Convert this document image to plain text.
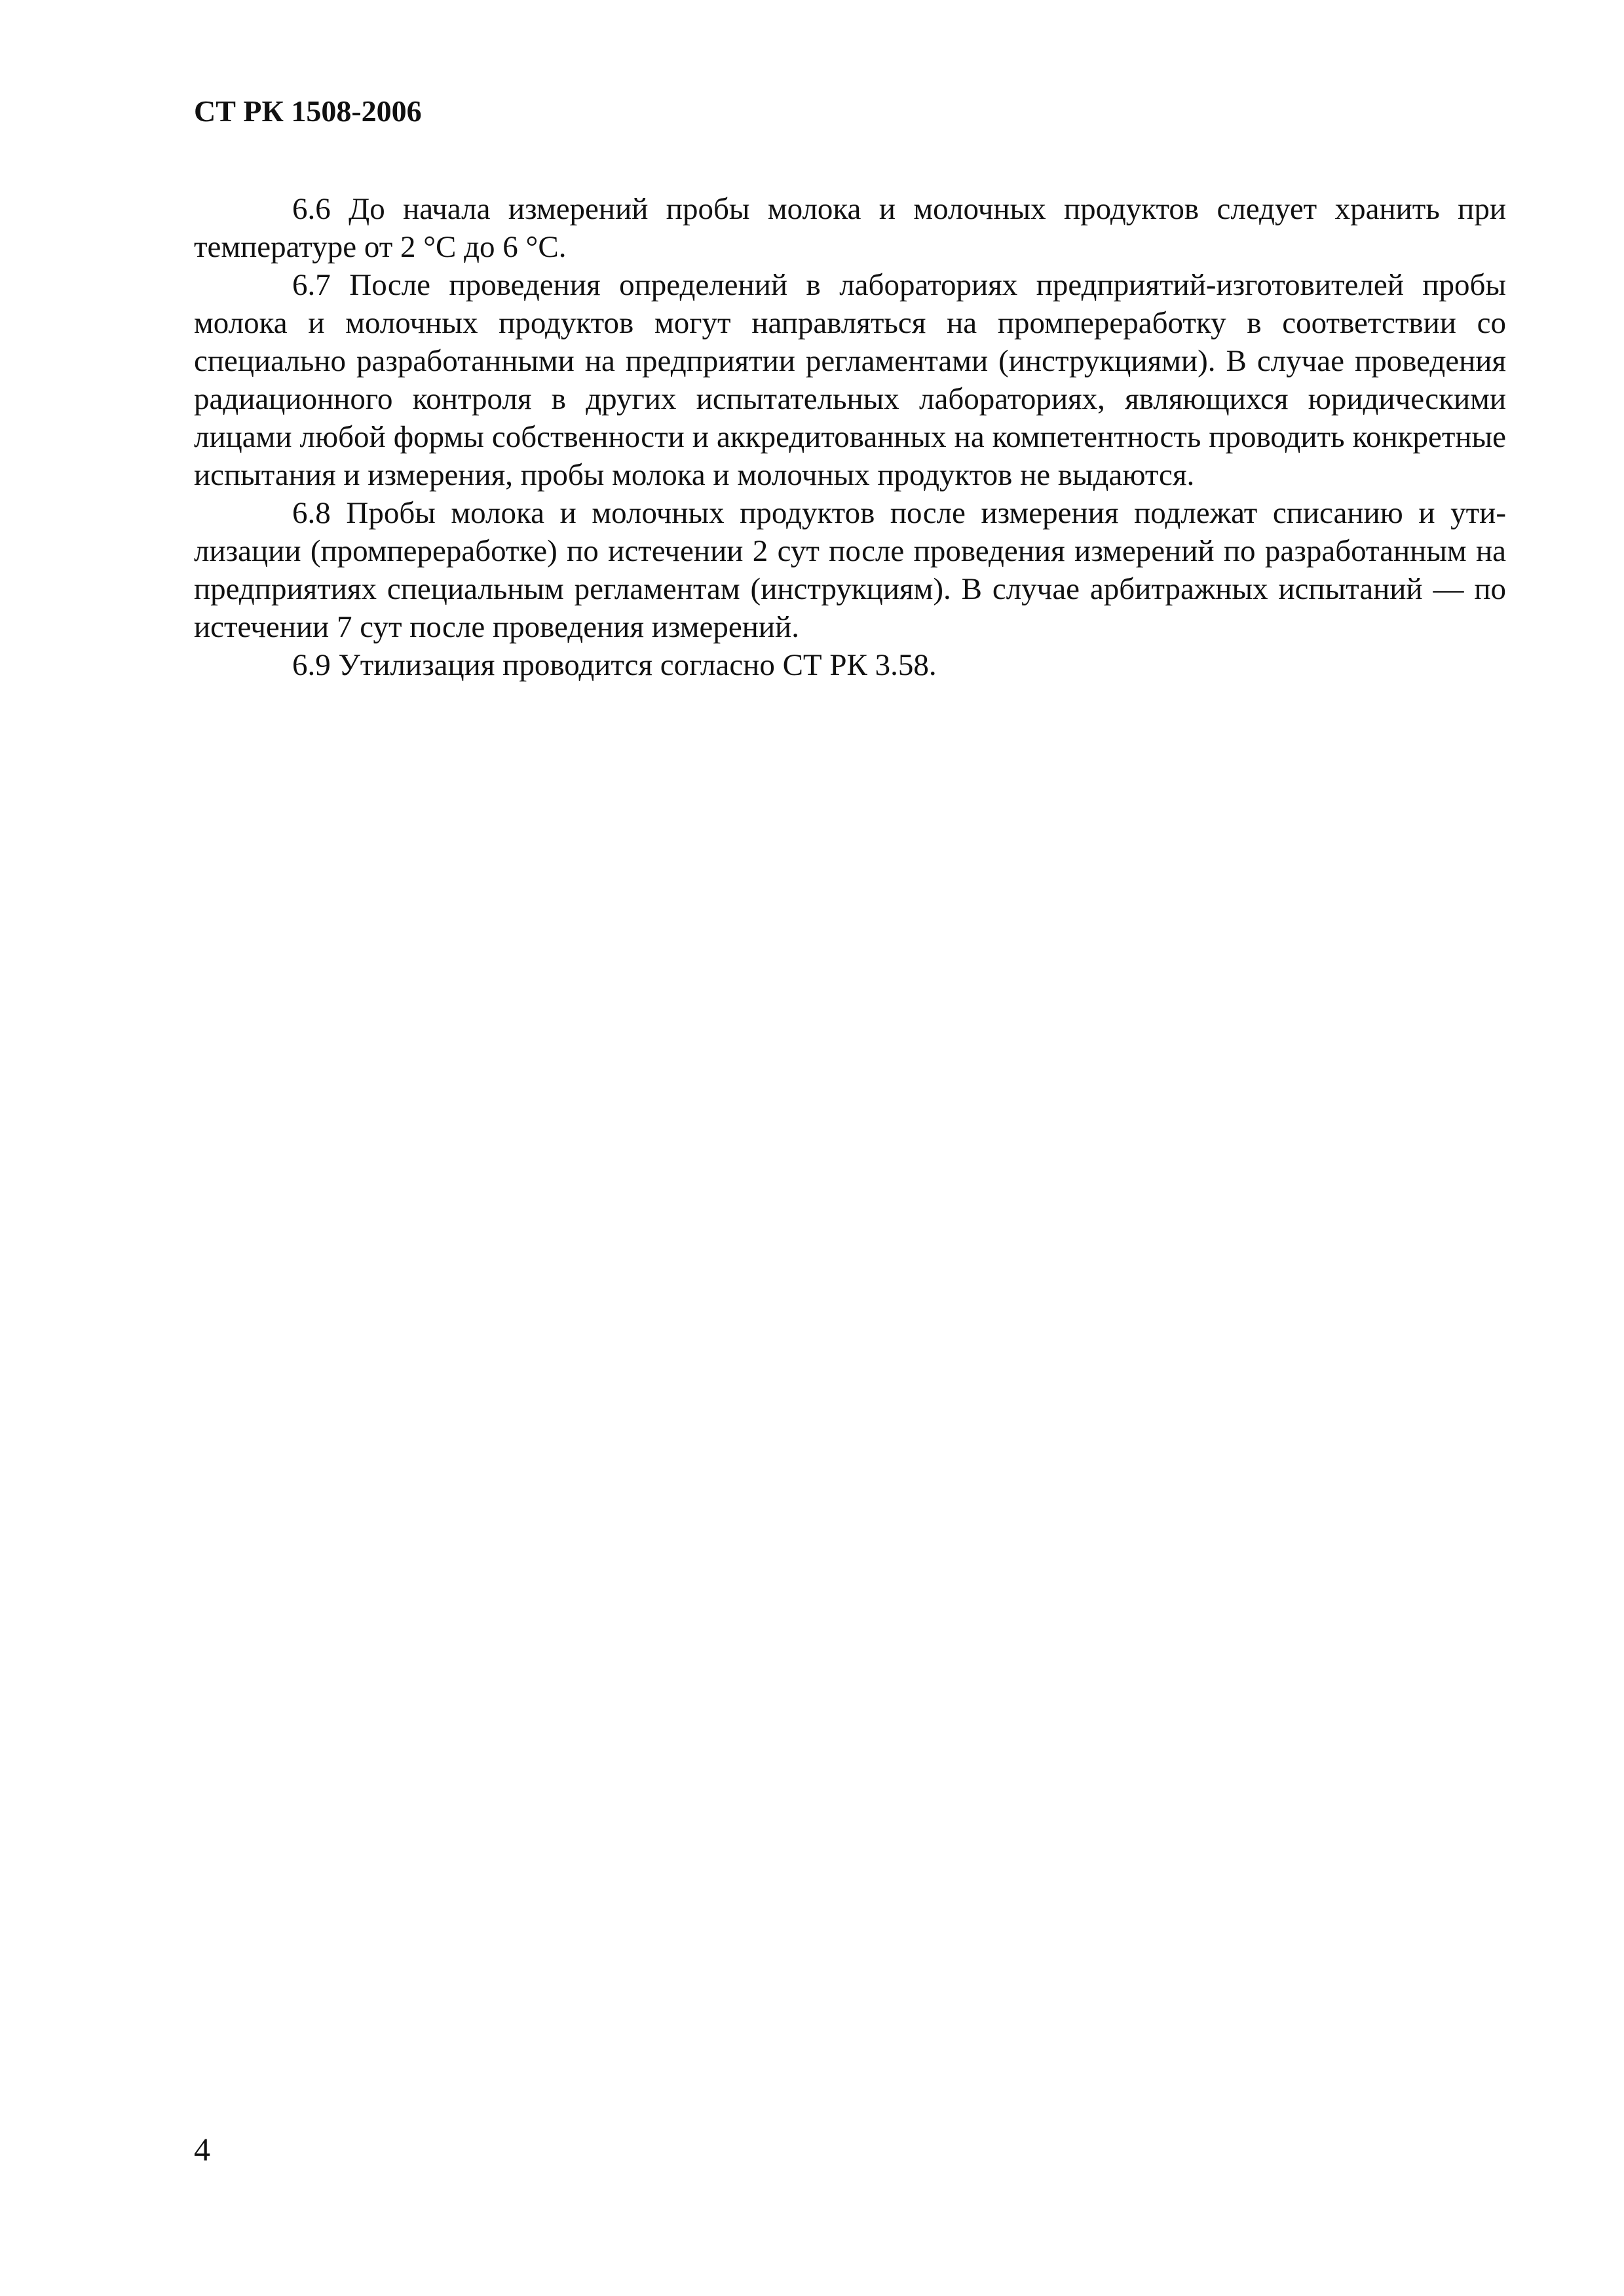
СТ РК 1508-2006

6.6 До начала измерений пробы молока и молочных продуктов следует хранить при температуре от 2 °С до 6 °С.

6.7 После проведения определений в лабораториях предприятий-изготовителей пробы молока и молочных продуктов могут направляться на промпереработку в соответствии со специально разработанными на предприятии регламентами (инструкциями). В случае проведения радиационного контроля в других испытательных лабораториях, являющихся юридическими лицами любой формы собственности и аккредитованных на компетентность проводить конкретные испытания и измерения, пробы молока и молочных продуктов не выдаются.

6.8 Пробы молока и молочных продуктов после измерения подлежат списанию и утилизации (промпереработке) по истечении 2 сут после проведения измерений по разработанным на предприятиях специальным регламентам (инструкциям). В случае арбитражных испытаний — по истечении 7 сут после проведения измерений.

6.9 Утилизация проводится согласно СТ РК 3.58.

4
